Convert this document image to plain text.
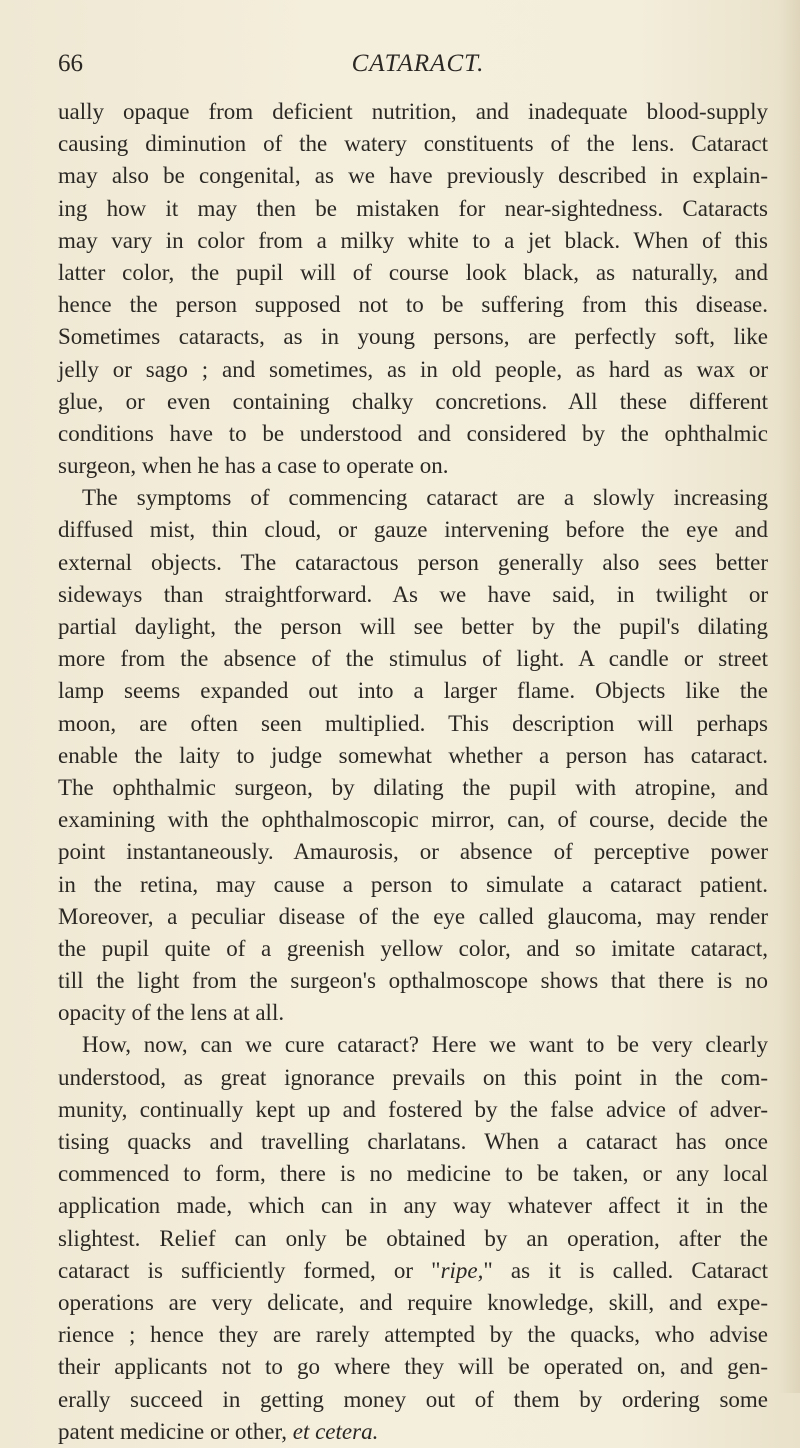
66	CATARACT.
ually opaque from deficient nutrition, and inadequate blood-supply
causing diminution of the watery constituents of the lens. Cataract
may also be congenital, as we have previously described in explain-
ing how it may then be mistaken for near-sightedness. Cataracts
may vary in color from a milky white to a jet black. When of this
latter color, the pupil will of course look black, as naturally, and
hence the person supposed not to be suffering from this disease.
Sometimes cataracts, as in young persons, are perfectly soft, like
jelly or sago ; and sometimes, as in old people, as hard as wax or
glue, or even containing chalky concretions. All these different
conditions have to be understood and considered by the ophthalmic
surgeon, when he has a case to operate on.
The symptoms of commencing cataract are a slowly increasing
diffused mist, thin cloud, or gauze intervening before the eye and
external objects. The cataractous person generally also sees better
sideways than straightforward. As we have said, in twilight or
partial daylight, the person will see better by the pupil's dilating
more from the absence of the stimulus of light. A candle or street
lamp seems expanded out into a larger flame. Objects like the
moon, are often seen multiplied. This description will perhaps
enable the laity to judge somewhat whether a person has cataract.
The ophthalmic surgeon, by dilating the pupil with atropine, and
examining with the ophthalmoscopic mirror, can, of course, decide the
point instantaneously. Amaurosis, or absence of perceptive power
in the retina, may cause a person to simulate a cataract patient.
Moreover, a peculiar disease of the eye called glaucoma, may render
the pupil quite of a greenish yellow color, and so imitate cataract,
till the light from the surgeon's opthalmoscope shows that there is no
opacity of the lens at all.
How, now, can we cure cataract? Here we want to be very clearly
understood, as great ignorance prevails on this point in the com-
munity, continually kept up and fostered by the false advice of adver-
tising quacks and travelling charlatans. When a cataract has once
commenced to form, there is no medicine to be taken, or any local
application made, which can in any way whatever affect it in the
slightest. Relief can only be obtained by an operation, after the
cataract is sufficiently formed, or "ripe," as it is called. Cataract
operations are very delicate, and require knowledge, skill, and expe-
rience ; hence they are rarely attempted by the quacks, who advise
their applicants not to go where they will be operated on, and gen-
erally succeed in getting money out of them by ordering some
patent medicine or other, et cetera.
